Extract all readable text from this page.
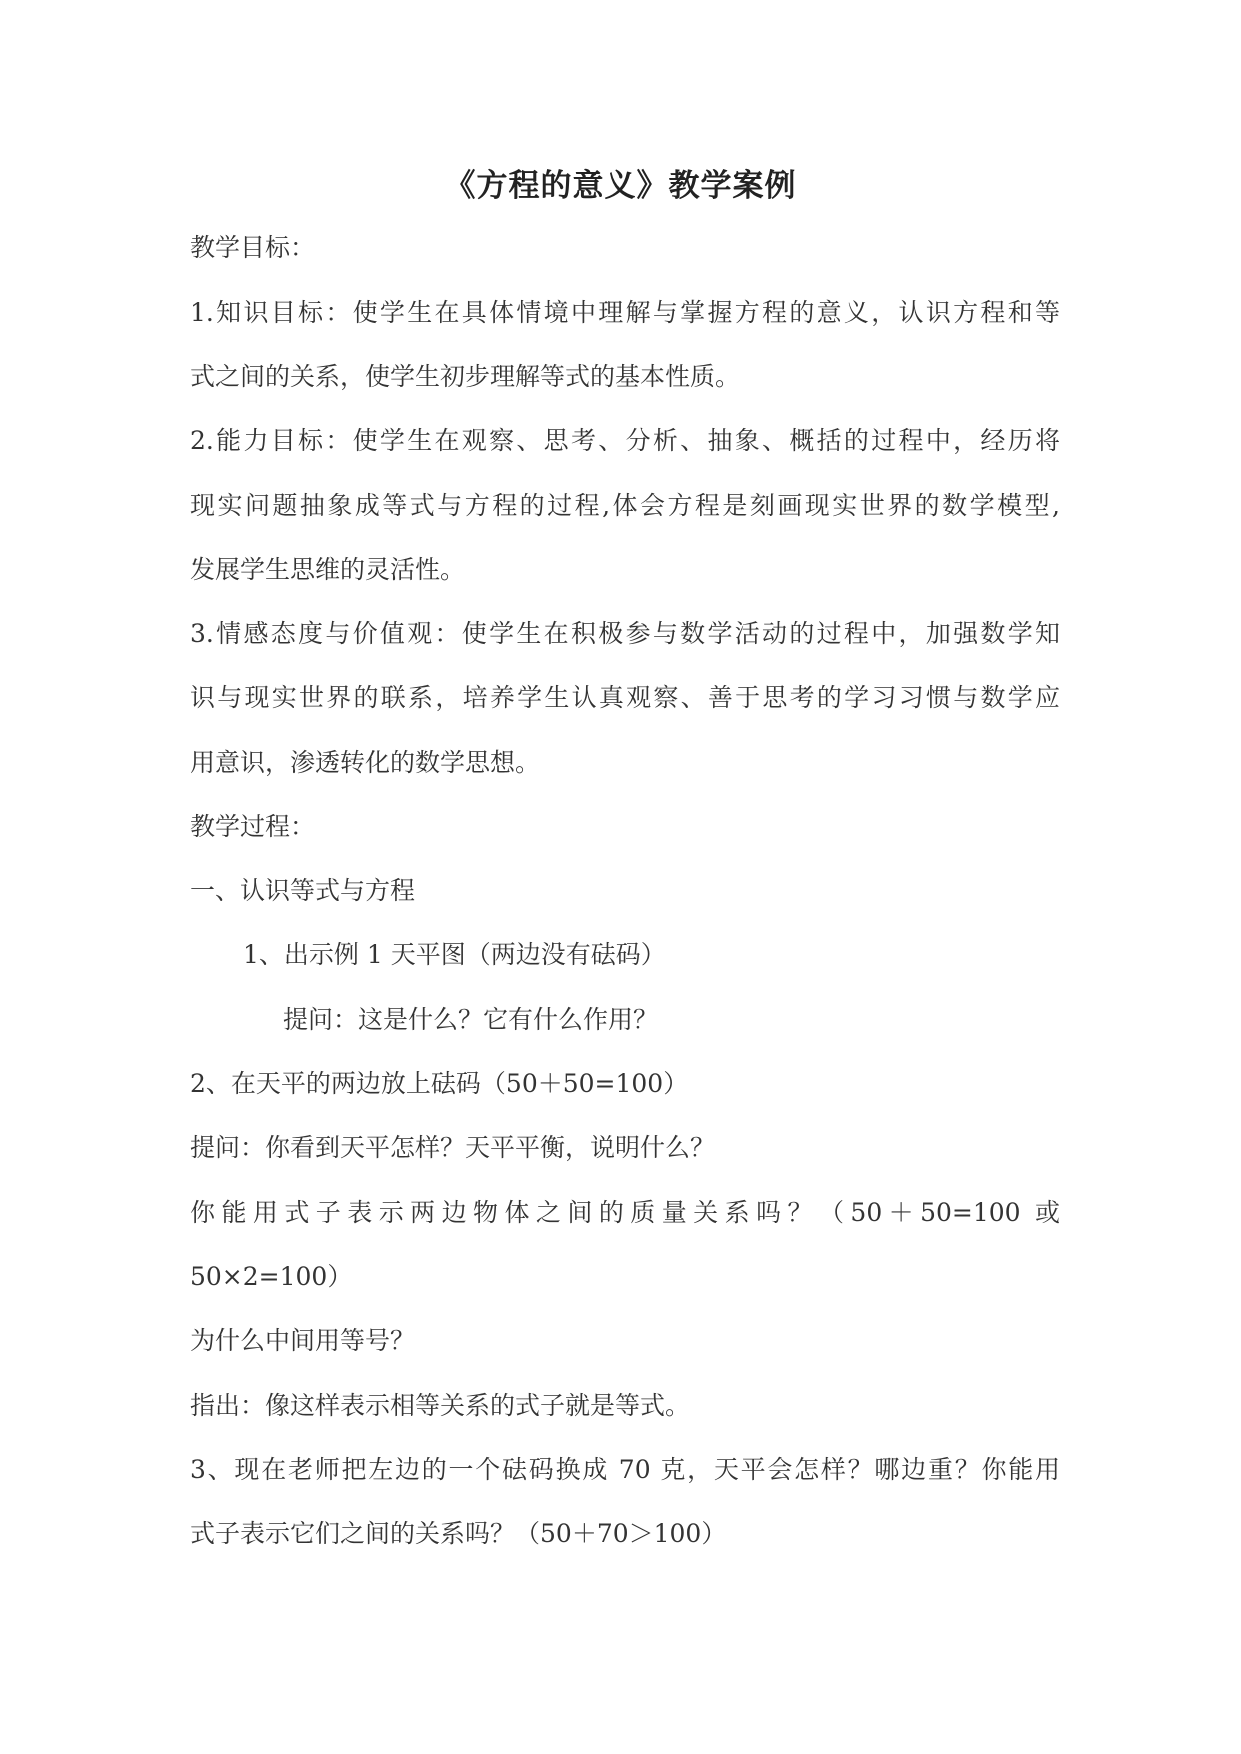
《方程的意义》教学案例
教学目标：
1.知识目标：使学生在具体情境中理解与掌握方程的意义，认识方程和等
式之间的关系，使学生初步理解等式的基本性质。
2.能力目标：使学生在观察、思考、分析、抽象、概括的过程中，经历将
现实问题抽象成等式与方程的过程,体会方程是刻画现实世界的数学模型,
发展学生思维的灵活性。
3.情感态度与价值观：使学生在积极参与数学活动的过程中，加强数学知
识与现实世界的联系，培养学生认真观察、善于思考的学习习惯与数学应
用意识，渗透转化的数学思想。
教学过程：
一、认识等式与方程
1、出示例 1 天平图（两边没有砝码）
提问：这是什么？它有什么作用？
2、在天平的两边放上砝码（50＋50=100）
提问：你看到天平怎样？天平平衡，说明什么？
你能用式子表示两边物体之间的质量关系吗？（50＋50=100 或
50×2=100）
为什么中间用等号？
指出：像这样表示相等关系的式子就是等式。
3、现在老师把左边的一个砝码换成 70 克，天平会怎样？哪边重？你能用
式子表示它们之间的关系吗？（50＋70＞100）
